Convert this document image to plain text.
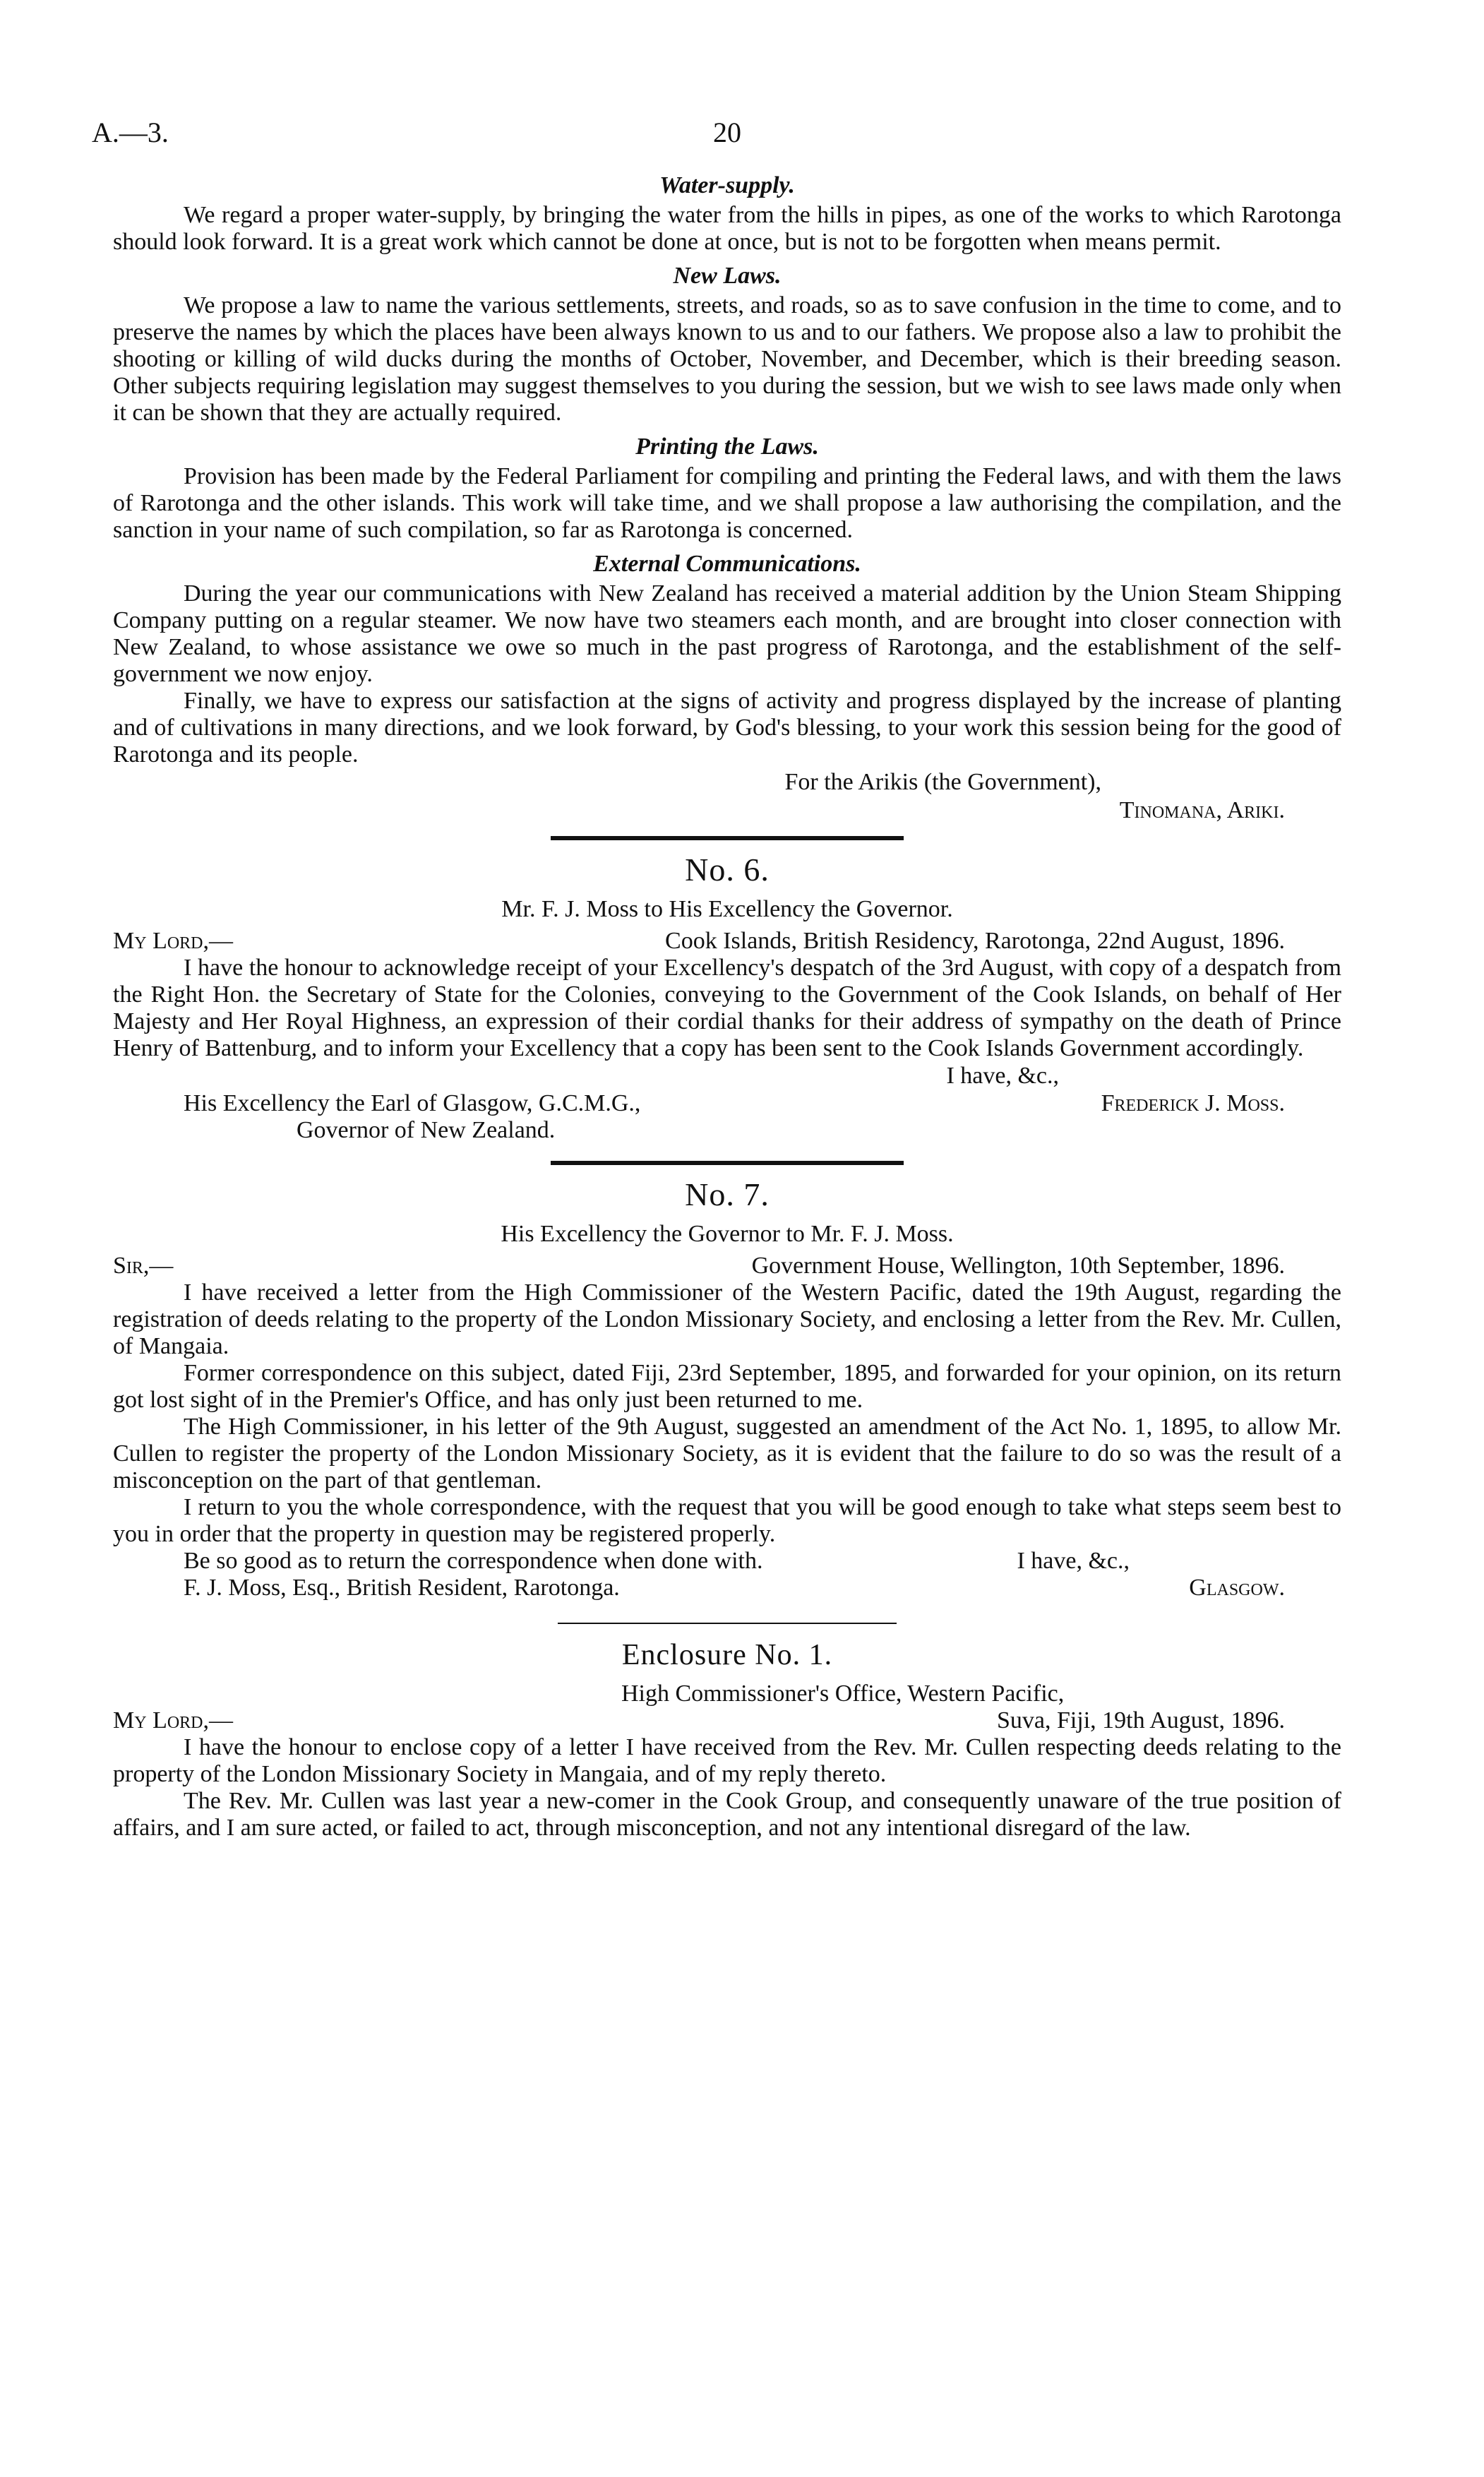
A.—3.	20
Water-supply.

We regard a proper water-supply, by bringing the water from the hills in pipes, as one of the works to which Rarotonga should look forward. It is a great work which cannot be done at once, but is not to be forgotten when means permit.

New Laws.

We propose a law to name the various settlements, streets, and roads, so as to save confusion in the time to come, and to preserve the names by which the places have been always known to us and to our fathers. We propose also a law to prohibit the shooting or killing of wild ducks during the months of October, November, and December, which is their breeding season. Other subjects requiring legislation may suggest themselves to you during the session, but we wish to see laws made only when it can be shown that they are actually required.

Printing the Laws.

Provision has been made by the Federal Parliament for compiling and printing the Federal laws, and with them the laws of Rarotonga and the other islands. This work will take time, and we shall propose a law authorising the compilation, and the sanction in your name of such compilation, so far as Rarotonga is concerned.

External Communications.

During the year our communications with New Zealand has received a material addition by the Union Steam Shipping Company putting on a regular steamer. We now have two steamers each month, and are brought into closer connection with New Zealand, to whose assistance we owe so much in the past progress of Rarotonga, and the establishment of the self-government we now enjoy.

Finally, we have to express our satisfaction at the signs of activity and progress displayed by the increase of planting and of cultivations in many directions, and we look forward, by God's blessing, to your work this session being for the good of Rarotonga and its people.

For the Arikis (the Government),
Tinomana, Ariki.
No. 6.
Mr. F. J. Moss to His Excellency the Governor.
My Lord,—	Cook Islands, British Residency, Rarotonga, 22nd August, 1896.

I have the honour to acknowledge receipt of your Excellency's despatch of the 3rd August, with copy of a despatch from the Right Hon. the Secretary of State for the Colonies, conveying to the Government of the Cook Islands, on behalf of Her Majesty and Her Royal Highness, an expression of their cordial thanks for their address of sympathy on the death of Prince Henry of Battenburg, and to inform your Excellency that a copy has been sent to the Cook Islands Government accordingly.

I have, &c.,
His Excellency the Earl of Glasgow, G.C.M.G.,	Frederick J. Moss.
Governor of New Zealand.
No. 7.
His Excellency the Governor to Mr. F. J. Moss.
Sir,—	Government House, Wellington, 10th September, 1896.

I have received a letter from the High Commissioner of the Western Pacific, dated the 19th August, regarding the registration of deeds relating to the property of the London Missionary Society, and enclosing a letter from the Rev. Mr. Cullen, of Mangaia.

Former correspondence on this subject, dated Fiji, 23rd September, 1895, and forwarded for your opinion, on its return got lost sight of in the Premier's Office, and has only just been returned to me.

The High Commissioner, in his letter of the 9th August, suggested an amendment of the Act No. 1, 1895, to allow Mr. Cullen to register the property of the London Missionary Society, as it is evident that the failure to do so was the result of a misconception on the part of that gentleman.

I return to you the whole correspondence, with the request that you will be good enough to take what steps seem best to you in order that the property in question may be registered properly.

Be so good as to return the correspondence when done with.	I have, &c.,
F. J. Moss, Esq., British Resident, Rarotonga.	Glasgow.
Enclosure No. 1.
High Commissioner's Office, Western Pacific,
My Lord,—	Suva, Fiji, 19th August, 1896.

I have the honour to enclose copy of a letter I have received from the Rev. Mr. Cullen respecting deeds relating to the property of the London Missionary Society in Mangaia, and of my reply thereto.

The Rev. Mr. Cullen was last year a new-comer in the Cook Group, and consequently unaware of the true position of affairs, and I am sure acted, or failed to act, through misconception, and not any intentional disregard of the law.
